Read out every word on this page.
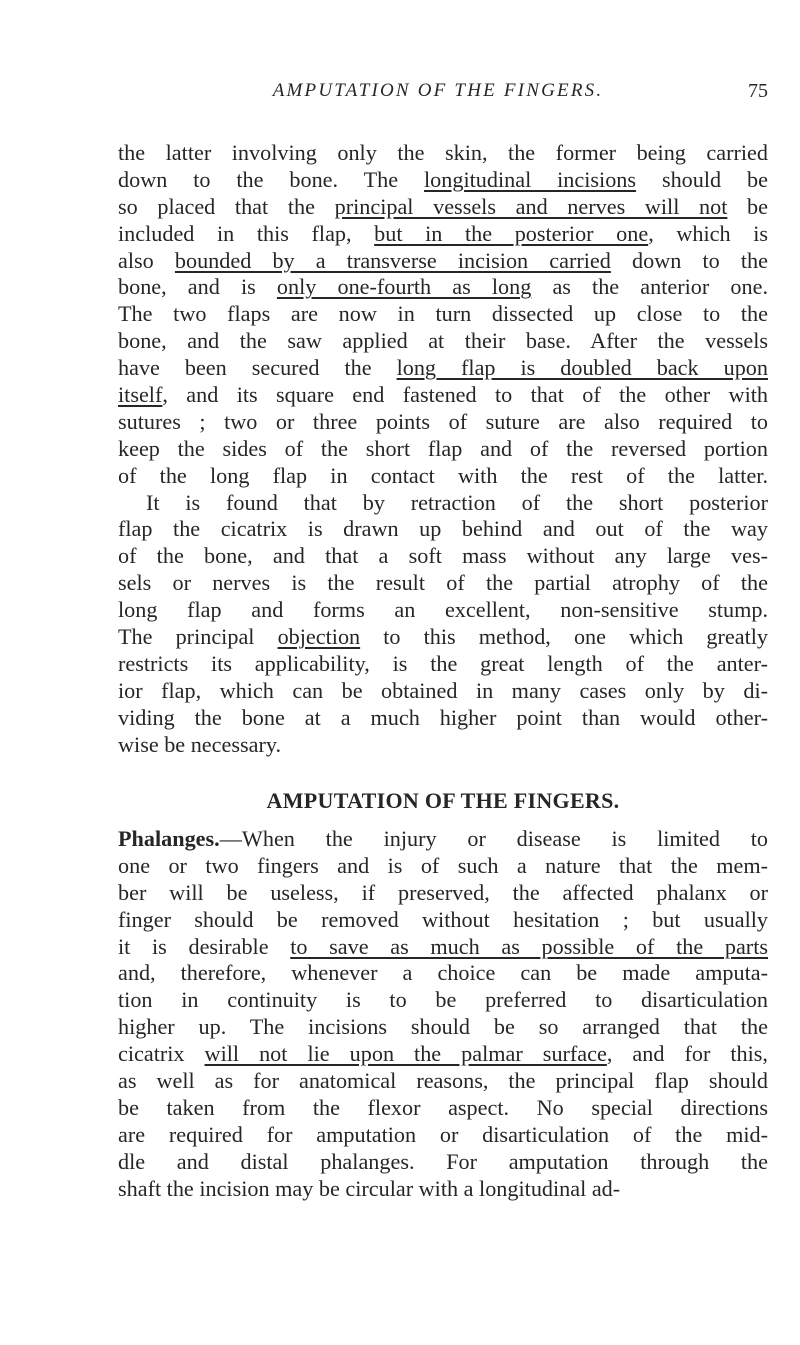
AMPUTATION OF THE FINGERS.	75
the latter involving only the skin, the former being carried
down to the bone. The longitudinal incisions should be
so placed that the principal vessels and nerves will not be
included in this flap, but in the posterior one, which is
also bounded by a transverse incision carried down to the
bone, and is only one-fourth as long as the anterior one.
The two flaps are now in turn dissected up close to the
bone, and the saw applied at their base. After the vessels
have been secured the long flap is doubled back upon
itself, and its square end fastened to that of the other with
sutures ; two or three points of suture are also required to
keep the sides of the short flap and of the reversed portion
of the long flap in contact with the rest of the latter.
It is found that by retraction of the short posterior
flap the cicatrix is drawn up behind and out of the way
of the bone, and that a soft mass without any large ves-
sels or nerves is the result of the partial atrophy of the
long flap and forms an excellent, non-sensitive stump.
The principal objection to this method, one which greatly
restricts its applicability, is the great length of the anter-
ior flap, which can be obtained in many cases only by di-
viding the bone at a much higher point than would other-
wise be necessary.
AMPUTATION OF THE FINGERS.
Phalanges.—When the injury or disease is limited to
one or two fingers and is of such a nature that the mem-
ber will be useless, if preserved, the affected phalanx or
finger should be removed without hesitation ; but usually
it is desirable to save as much as possible of the parts
and, therefore, whenever a choice can be made amputa-
tion in continuity is to be preferred to disarticulation
higher up. The incisions should be so arranged that the
cicatrix will not lie upon the palmar surface, and for this,
as well as for anatomical reasons, the principal flap should
be taken from the flexor aspect. No special directions
are required for amputation or disarticulation of the mid-
dle and distal phalanges. For amputation through the
shaft the incision may be circular with a longitudinal ad-
